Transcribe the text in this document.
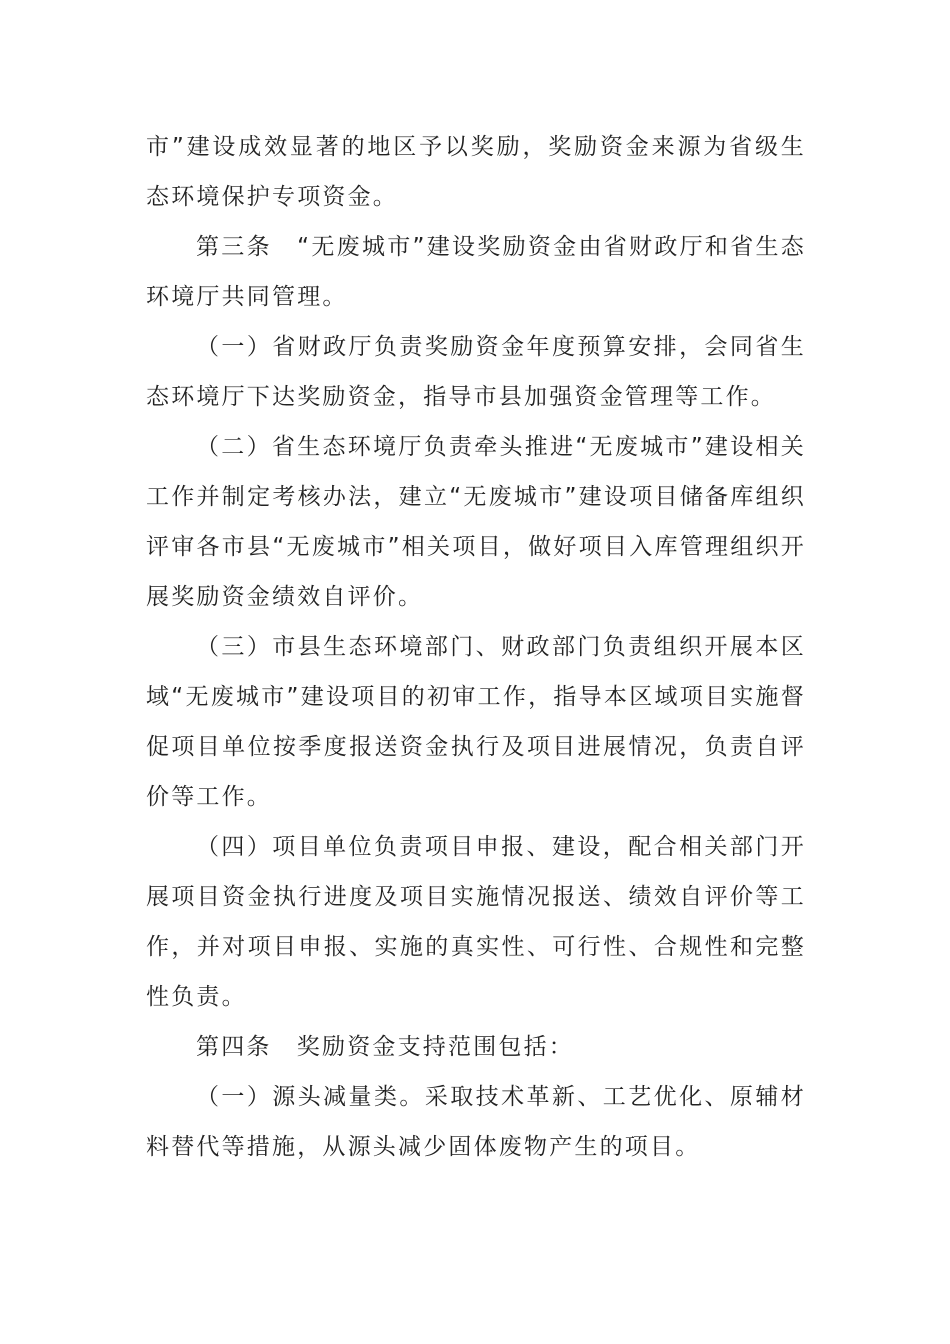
市”建设成效显著的地区予以奖励，奖励资金来源为省级生态环境保护专项资金。

第三条　“无废城市”建设奖励资金由省财政厅和省生态环境厅共同管理。

（一）省财政厅负责奖励资金年度预算安排，会同省生态环境厅下达奖励资金，指导市县加强资金管理等工作。

（二）省生态环境厅负责牵头推进“无废城市”建设相关工作并制定考核办法，建立“无废城市”建设项目储备库组织评审各市县“无废城市”相关项目，做好项目入库管理组织开展奖励资金绩效自评价。

（三）市县生态环境部门、财政部门负责组织开展本区域“无废城市”建设项目的初审工作，指导本区域项目实施督促项目单位按季度报送资金执行及项目进展情况，负责自评价等工作。

（四）项目单位负责项目申报、建设，配合相关部门开展项目资金执行进度及项目实施情况报送、绩效自评价等工作，并对项目申报、实施的真实性、可行性、合规性和完整性负责。

第四条　奖励资金支持范围包括：

（一）源头减量类。采取技术革新、工艺优化、原辅材料替代等措施，从源头减少固体废物产生的项目。
